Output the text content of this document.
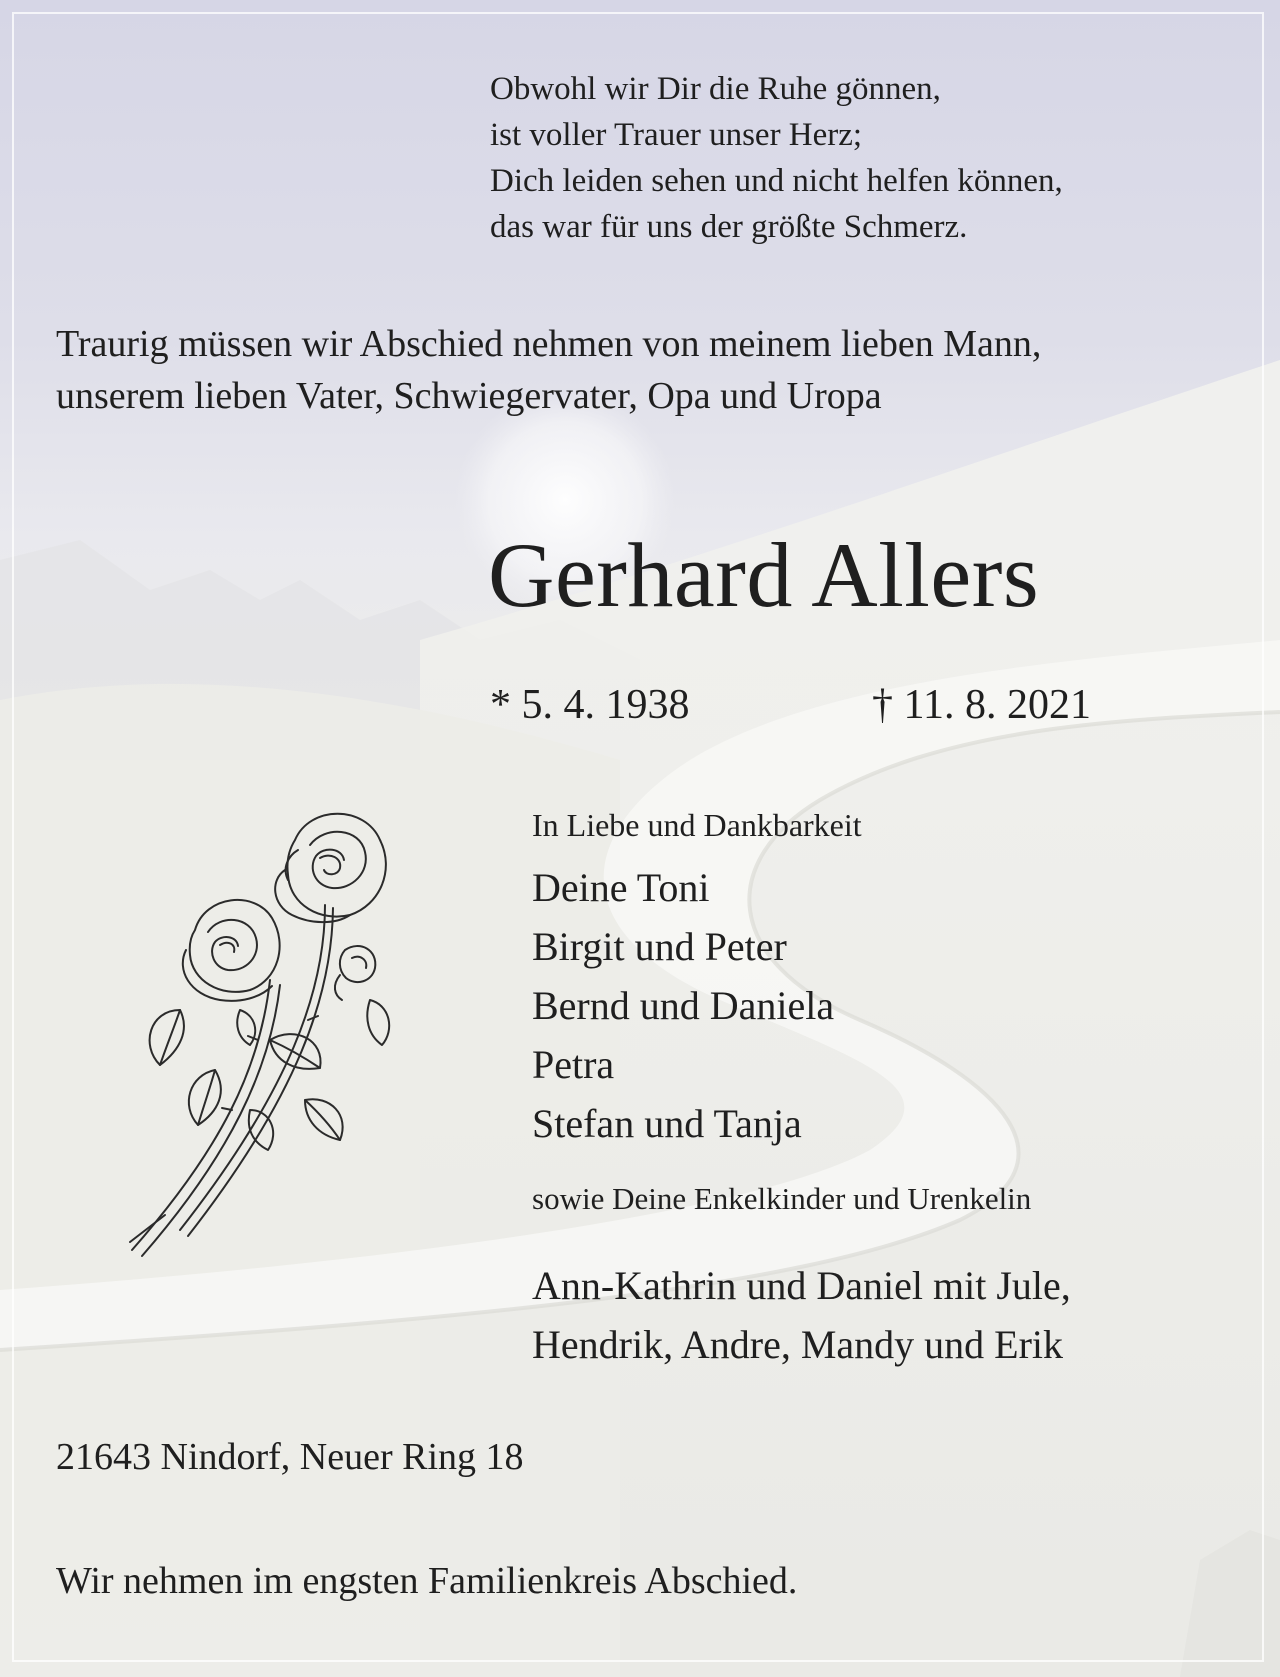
Obwohl wir Dir die Ruhe gönnen,
ist voller Trauer unser Herz;
Dich leiden sehen und nicht helfen können,
das war für uns der größte Schmerz.
Traurig müssen wir Abschied nehmen von meinem lieben Mann,
unserem lieben Vater, Schwiegervater, Opa und Uropa
Gerhard Allers
* 5. 4. 1938	† 11. 8. 2021
In Liebe und Dankbarkeit
Deine Toni
Birgit und Peter
Bernd und Daniela
Petra
Stefan und Tanja
sowie Deine Enkelkinder und Urenkelin
Ann-Kathrin und Daniel mit Jule,
Hendrik, Andre, Mandy und Erik
21643 Nindorf, Neuer Ring 18
Wir nehmen im engsten Familienkreis Abschied.
